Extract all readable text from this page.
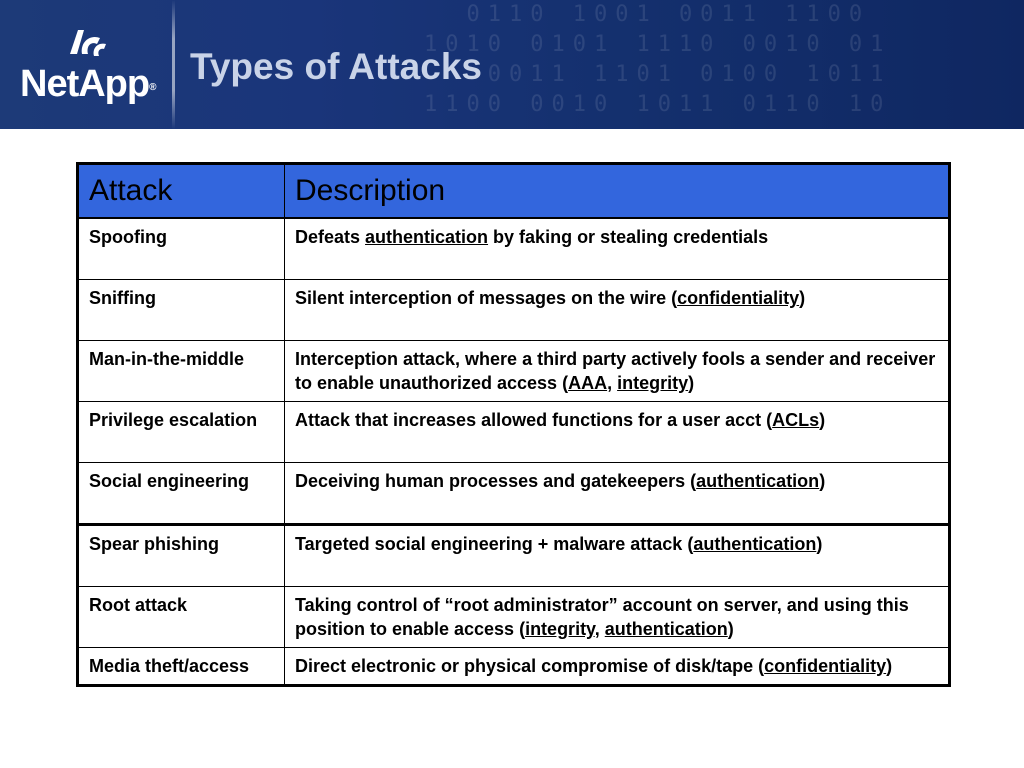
0110 1001 0011 1100
1010 0101 1110 0010 01
0011 1101 0100 1011
1100 0010 1011 0110 10
NetApp®
Types of Attacks
Attack	Description
Spoofing	Defeats authentication by faking or stealing credentials
Sniffing	Silent interception of messages on the wire (confidentiality)
Man-in-the-middle	Interception attack, where a third party actively fools a sender and receiver to enable unauthorized access (AAA, integrity)
Privilege escalation	Attack that increases allowed functions for a user acct (ACLs)
Social engineering	Deceiving human processes and gatekeepers (authentication)
Spear phishing	Targeted social engineering + malware attack (authentication)
Root attack	Taking control of “root administrator” account on server, and using this position to enable access (integrity, authentication)
Media theft/access	Direct electronic or physical compromise of disk/tape (confidentiality)
